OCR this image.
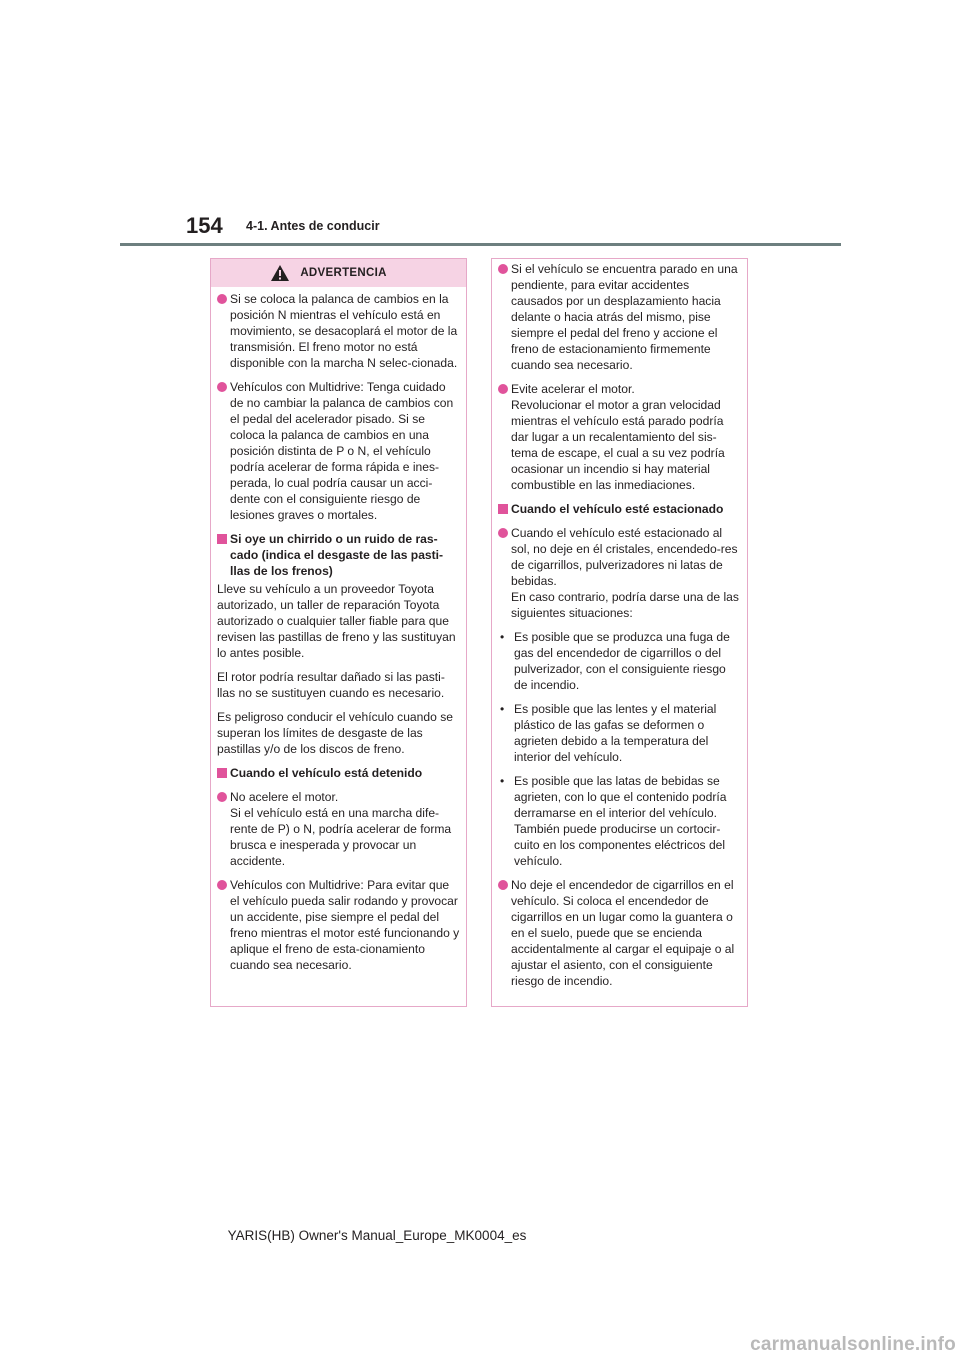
154 4-1. Antes de conducir
ADVERTENCIA
Si se coloca la palanca de cambios en la posición N mientras el vehículo está en movimiento, se desacoplará el motor de la transmisión. El freno motor no está disponible con la marcha N selec-cionada.
Vehículos con Multidrive: Tenga cuidado de no cambiar la palanca de cambios con el pedal del acelerador pisado. Si se coloca la palanca de cambios en una posición distinta de P o N, el vehículo podría acelerar de forma rápida e ines-perada, lo cual podría causar un acci-dente con el consiguiente riesgo de lesiones graves o mortales.
Si oye un chirrido o un ruido de ras-cado (indica el desgaste de las pasti-llas de los frenos)

Lleve su vehículo a un proveedor Toyota autorizado, un taller de reparación Toyota autorizado o cualquier taller fiable para que revisen las pastillas de freno y las sustituyan lo antes posible.

El rotor podría resultar dañado si las pasti-llas no se sustituyen cuando es necesario.

Es peligroso conducir el vehículo cuando se superan los límites de desgaste de las pastillas y/o de los discos de freno.

Cuando el vehículo está detenido
No acelere el motor.
Si el vehículo está en una marcha dife-rente de P) o N, podría acelerar de forma brusca e inesperada y provocar un accidente.
Vehículos con Multidrive: Para evitar que el vehículo pueda salir rodando y provocar un accidente, pise siempre el pedal del freno mientras el motor esté funcionando y aplique el freno de esta-cionamiento cuando sea necesario.
Si el vehículo se encuentra parado en una pendiente, para evitar accidentes causados por un desplazamiento hacia delante o hacia atrás del mismo, pise siempre el pedal del freno y accione el freno de estacionamiento firmemente cuando sea necesario.
Evite acelerar el motor.
Revolucionar el motor a gran velocidad mientras el vehículo está parado podría dar lugar a un recalentamiento del sis-tema de escape, el cual a su vez podría ocasionar un incendio si hay material combustible en las inmediaciones.
Cuando el vehículo esté estacionado
Cuando el vehículo esté estacionado al sol, no deje en él cristales, encendedo-res de cigarrillos, pulverizadores ni latas de bebidas.
En caso contrario, podría darse una de las siguientes situaciones:
• Es posible que se produzca una fuga de gas del encendedor de cigarrillos o del pulverizador, con el consiguiente riesgo de incendio.
• Es posible que las lentes y el material plástico de las gafas se deformen o agrieten debido a la temperatura del interior del vehículo.
• Es posible que las latas de bebidas se agrieten, con lo que el contenido podría derramarse en el interior del vehículo. También puede producirse un cortocir-cuito en los componentes eléctricos del vehículo.
No deje el encendedor de cigarrillos en el vehículo. Si coloca el encendedor de cigarrillos en un lugar como la guantera o en el suelo, puede que se encienda accidentalmente al cargar el equipaje o al ajustar el asiento, con el consiguiente riesgo de incendio.
YARIS(HB) Owner's Manual_Europe_MK0004_es
carmanualsonline.info
